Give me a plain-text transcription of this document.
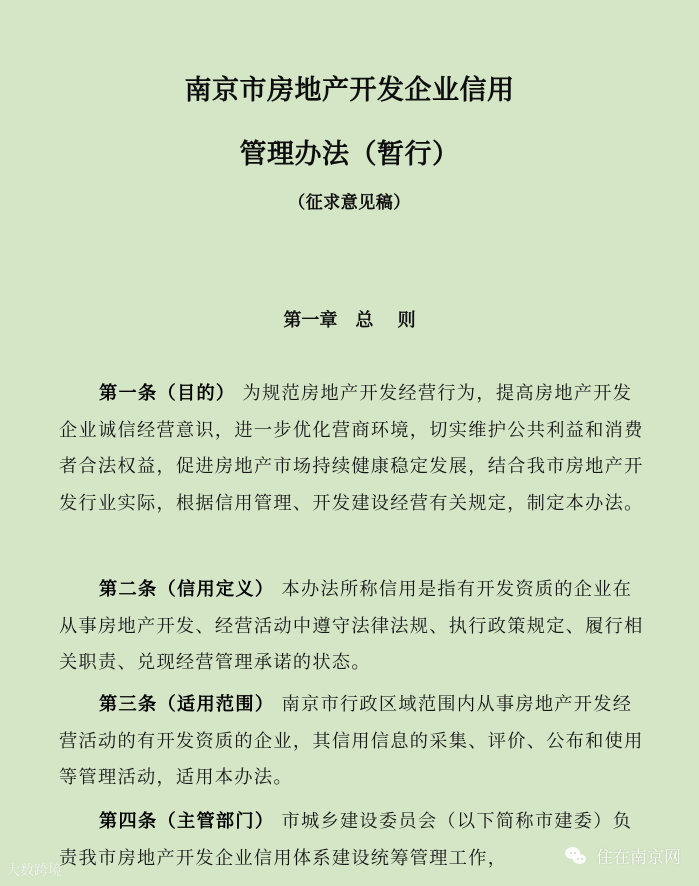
南京市房地产开发企业信用
管理办法（暂行）
（征求意见稿）
第一章　总 则
第一条（目的） 为规范房地产开发经营行为，提高房地产开发企业诚信经营意识，进一步优化营商环境，切实维护公共利益和消费者合法权益，促进房地产市场持续健康稳定发展，结合我市房地产开发行业实际，根据信用管理、开发建设经营有关规定，制定本办法。
第二条（信用定义） 本办法所称信用是指有开发资质的企业在从事房地产开发、经营活动中遵守法律法规、执行政策规定、履行相关职责、兑现经营管理承诺的状态。
第三条（适用范围） 南京市行政区域范围内从事房地产开发经营活动的有开发资质的企业，其信用信息的采集、评价、公布和使用等管理活动，适用本办法。
第四条（主管部门） 市城乡建设委员会（以下简称市建委）负责我市房地产开发企业信用体系建设统筹管理工作，
大数跨境
住在南京网
